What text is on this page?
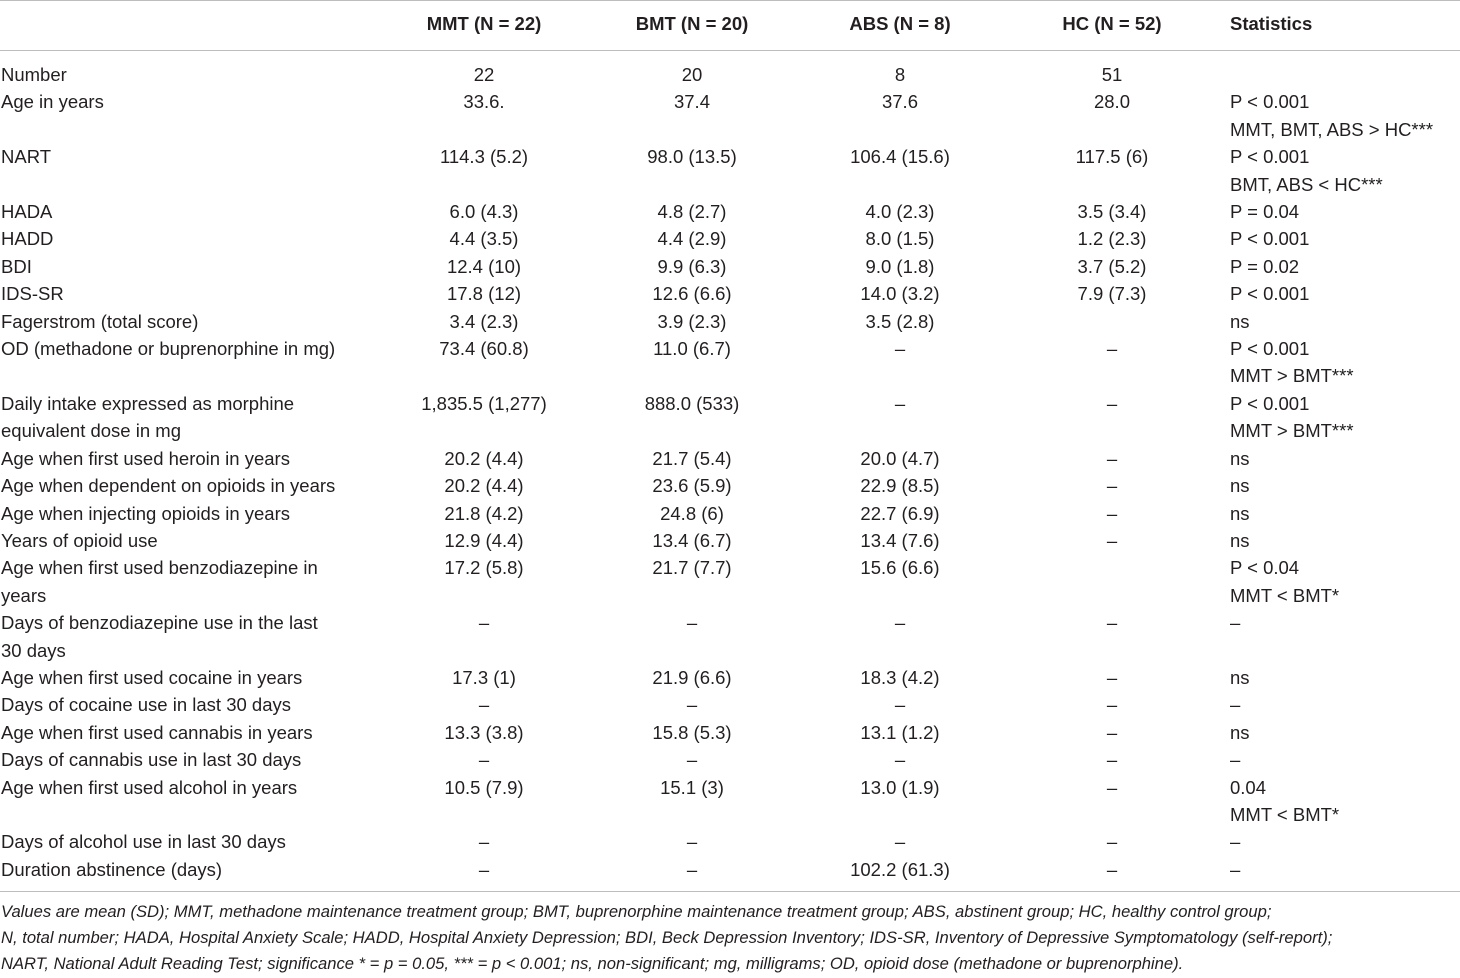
	MMT (N = 22)	BMT (N = 20)	ABS (N = 8)	HC (N = 52)	Statistics

Number	22	20	8	51	

Age in years	33.6.	37.4	37.6	28.0	P < 0.001
MMT, BMT, ABS > HC***

NART	114.3 (5.2)	98.0 (13.5)	106.4 (15.6)	117.5 (6)	P < 0.001
BMT, ABS < HC***

HADA	6.0 (4.3)	4.8 (2.7)	4.0 (2.3)	3.5 (3.4)	P = 0.04

HADD	4.4 (3.5)	4.4 (2.9)	8.0 (1.5)	1.2 (2.3)	P < 0.001

BDI	12.4 (10)	9.9 (6.3)	9.0 (1.8)	3.7 (5.2)	P = 0.02

IDS-SR	17.8 (12)	12.6 (6.6)	14.0 (3.2)	7.9 (7.3)	P < 0.001

Fagerstrom (total score)	3.4 (2.3)	3.9 (2.3)	3.5 (2.8)		ns

OD (methadone or buprenorphine in mg)	73.4 (60.8)	11.0 (6.7)	–	–	P < 0.001
MMT > BMT***

Daily intake expressed as morphine
equivalent dose in mg	1,835.5 (1,277)	888.0 (533)	–	–	P < 0.001
MMT > BMT***

Age when first used heroin in years	20.2 (4.4)	21.7 (5.4)	20.0 (4.7)	–	ns

Age when dependent on opioids in years	20.2 (4.4)	23.6 (5.9)	22.9 (8.5)	–	ns

Age when injecting opioids in years	21.8 (4.2)	24.8 (6)	22.7 (6.9)	–	ns

Years of opioid use	12.9 (4.4)	13.4 (6.7)	13.4 (7.6)	–	ns

Age when first used benzodiazepine in
years	17.2 (5.8)	21.7 (7.7)	15.6 (6.6)		P < 0.04
MMT < BMT*

Days of benzodiazepine use in the last
30 days	–	–	–	–	–

Age when first used cocaine in years	17.3 (1)	21.9 (6.6)	18.3 (4.2)	–	ns

Days of cocaine use in last 30 days	–	–	–	–	–

Age when first used cannabis in years	13.3 (3.8)	15.8 (5.3)	13.1 (1.2)	–	ns

Days of cannabis use in last 30 days	–	–	–	–	–

Age when first used alcohol in years	10.5 (7.9)	15.1 (3)	13.0 (1.9)	–	0.04
MMT < BMT*

Days of alcohol use in last 30 days	–	–	–	–	–

Duration abstinence (days)	–	–	102.2 (61.3)	–	–
Values are mean (SD); MMT, methadone maintenance treatment group; BMT, buprenorphine maintenance treatment group; ABS, abstinent group; HC, healthy control group;
N, total number; HADA, Hospital Anxiety Scale; HADD, Hospital Anxiety Depression; BDI, Beck Depression Inventory; IDS-SR, Inventory of Depressive Symptomatology (self-report);
NART, National Adult Reading Test; significance * = p = 0.05, *** = p < 0.001; ns, non-significant; mg, milligrams; OD, opioid dose (methadone or buprenorphine).
